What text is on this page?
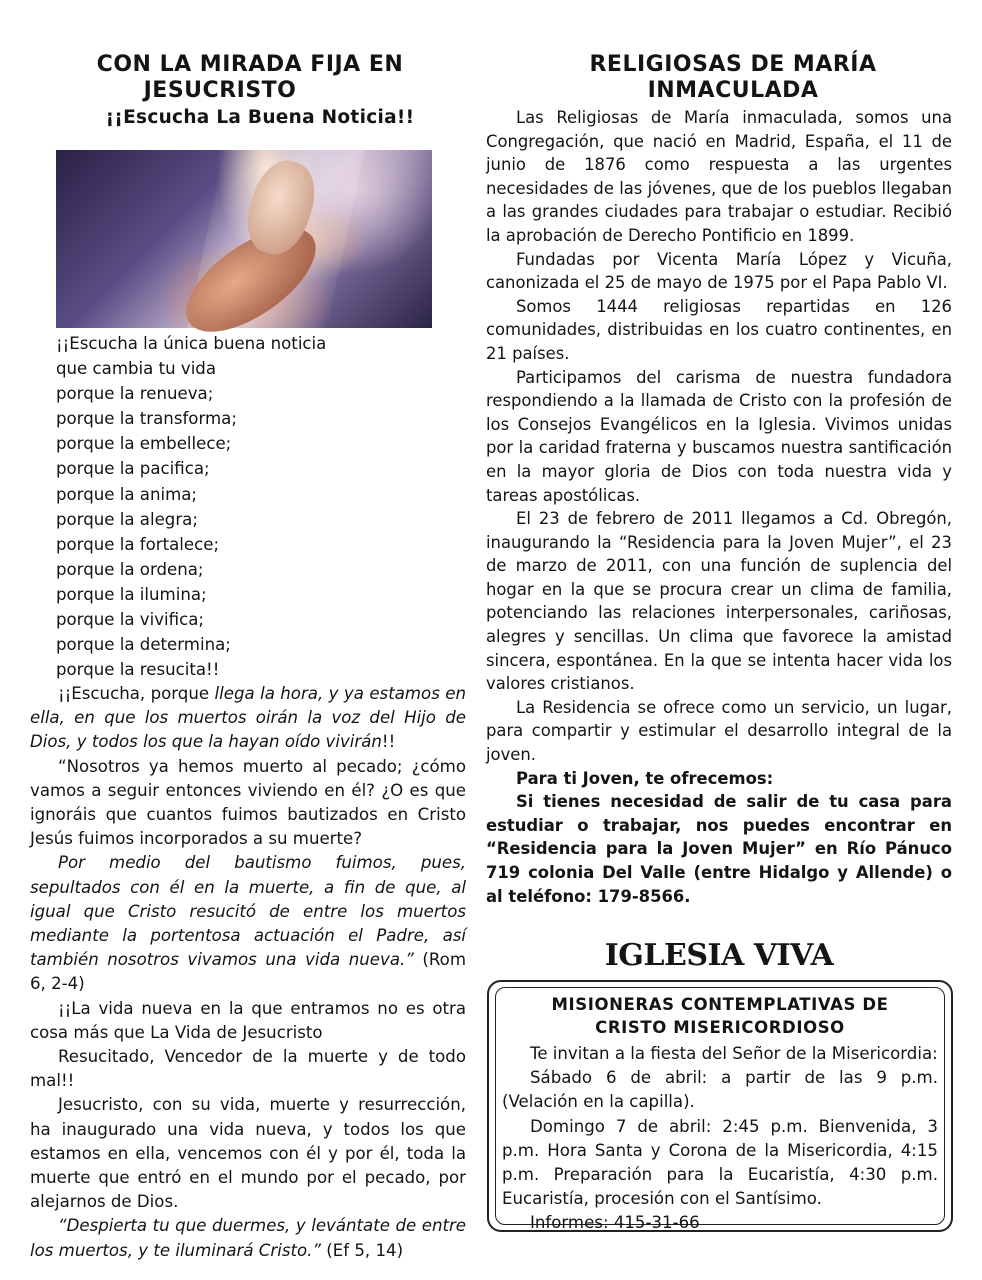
CON LA MIRADA FIJA EN
JESUCRISTO
¡¡Escucha La Buena Noticia!!
¡¡Escucha la única buena noticia
que cambia tu vida
porque la renueva;
porque la transforma;
porque la embellece;
porque la pacifica;
porque la anima;
porque la alegra;
porque la fortalece;
porque la ordena;
porque la ilumina;
porque la vivifica;
porque la determina;
porque la resucita!!
¡¡Escucha, porque llega la hora, y ya estamos en ella, en que los muertos oirán la voz del Hijo de Dios, y todos los que la hayan oído vivirán!!
“Nosotros ya hemos muerto al pecado; ¿cómo vamos a seguir entonces viviendo en él? ¿O es que ignoráis que cuantos fuimos bautizados en Cristo Jesús fuimos incorporados a su muerte?
Por medio del bautismo fuimos, pues, sepultados con él en la muerte, a fin de que, al igual que Cristo resucitó de entre los muertos mediante la portentosa actuación el Padre, así también nosotros vivamos una vida nueva.” (Rom 6, 2-4)
¡¡La vida nueva en la que entramos no es otra cosa más que La Vida de Jesucristo
Resucitado, Vencedor de la muerte y de todo mal!!
Jesucristo, con su vida, muerte y resurrección, ha inaugurado una vida nueva, y todos los que estamos en ella, vencemos con él y por él, toda la muerte que entró en el mundo por el pecado, por alejarnos de Dios.
“Despierta tu que duermes, y levántate de entre los muertos, y te iluminará Cristo.” (Ef 5, 14)
RELIGIOSAS DE MARÍA
INMACULADA
Las Religiosas de María inmaculada, somos una Congregación, que nació en Madrid, España, el 11 de junio de 1876 como respuesta a las urgentes necesidades de las jóvenes, que de los pueblos llegaban a las grandes ciudades para trabajar o estudiar. Recibió la aprobación de Derecho Pontificio en 1899.
Fundadas por Vicenta María López y Vicuña, canonizada el 25 de mayo de 1975 por el Papa Pablo VI.
Somos 1444 religiosas repartidas en 126 comunidades, distribuidas en los cuatro continentes, en 21 países.
Participamos del carisma de nuestra fundadora respondiendo a la llamada de Cristo con la profesión de los Consejos Evangélicos en la Iglesia. Vivimos unidas por la caridad fraterna y buscamos nuestra santificación en la mayor gloria de Dios con toda nuestra vida y tareas apostólicas.
El 23 de febrero de 2011 llegamos a Cd. Obregón, inaugurando la “Residencia para la Joven Mujer”, el 23 de marzo de 2011, con una función de suplencia del hogar en la que se procura crear un clima de familia, potenciando las relaciones interpersonales, cariñosas, alegres y sencillas. Un clima que favorece la amistad sincera, espontánea. En la que se intenta hacer vida los valores cristianos.
La Residencia se ofrece como un servicio, un lugar, para compartir y estimular el desarrollo integral de la joven.
Para ti Joven, te ofrecemos:
Si tienes necesidad de salir de tu casa para estudiar o trabajar, nos puedes encontrar en “Residencia para la Joven Mujer” en Río Pánuco 719 colonia Del Valle (entre Hidalgo y Allende) o al teléfono: 179-8566.
IGLESIA VIVA
MISIONERAS CONTEMPLATIVAS DE
CRISTO MISERICORDIOSO
Te invitan a la fiesta del Señor de la Misericordia:
Sábado 6 de abril: a partir de las 9 p.m. (Velación en la capilla).
Domingo 7 de abril: 2:45 p.m. Bienvenida, 3 p.m. Hora Santa y Corona de la Misericordia, 4:15 p.m. Preparación para la Eucaristía, 4:30 p.m. Eucaristía, procesión con el Santísimo.
Informes: 415-31-66
